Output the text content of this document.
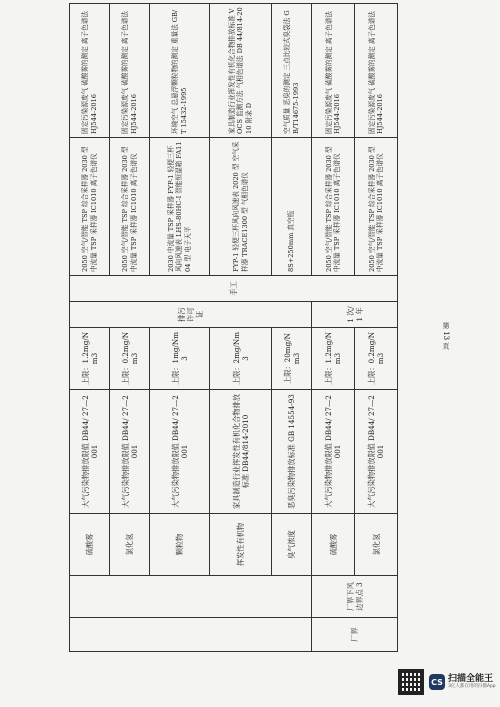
		硫酸雾	大气污染物排放限值 DB44/ 27—2001	上限：1.2mg/Nm3	排污许可证	手工	2050 空气/智能 TSP 综合采样器 2030 型 中流量 TSP 采样器 IC1010 离子色谱仪	固定污染源废气 硫酸雾的测定 离子色谱法 HJ544-2016
		氯化氢	大气污染物排放限值 DB44/ 27—2001	上限：0.2mg/Nm3			2050 空气/智能 TSP 综合采样器 2030 型 中流量 TSP 采样器 IC1010 离子色谱仪	固定污染源废气 硫酸雾的测定 离子色谱法 HJ544-2016
		颗粒物	大气污染物排放限值 DB44/ 27—2001	上限：1mg/Nm3			2030 中流量 TSP 采样器 FYP-1 轻便三杯风向风速表 LHS-80HC-I 智能恒湿箱 FA1104 型 电子天平	环境空气 总悬浮颗粒物的测定 重量法 GB/T 15432-1995
		挥发性有机物	家具制造行业挥发性有机化合物排放标准 DB44/814-2010	上限：2mg/Nm3			FYP-1 轻便三杯风向风速表 2020 型 空气采样器 TRACE1300 型 气相色谱仪	家具制造行业挥发性有机化合物排放标准 VOCS 监测方法 气相色谱法 DB 44/814-2010 附录 D
		臭气浓度	恶臭污染物排放标准 GB 14554-93	上限：20mg/Nm3			8S+250mm 真空瓶	空气质量 恶臭的测定 三点比较式臭袋法 GB/T14675-1993
厂界	厂界下风边界点 3	硫酸雾	大气污染物排放限值 DB44/ 27—2001	上限：1.2mg/Nm3	1 次/1 年		2050 空气/智能 TSP 综合采样器 2030 型 中流量 TSP 采样器 IC1010 离子色谱仪	固定污染源废气 硫酸雾的测定 离子色谱法 HJ544-2016
		氯化氢	大气污染物排放限值 DB44/ 27—2001	上限：0.2mg/Nm3			2050 空气/智能 TSP 综合采样器 2030 型 中流量 TSP 采样器 IC1010 离子色谱仪	固定污染源废气 硫酸雾的测定 离子色谱法 HJ544-2016
第 13 页
CS 扫描全能王
3亿人都在用的扫描App
